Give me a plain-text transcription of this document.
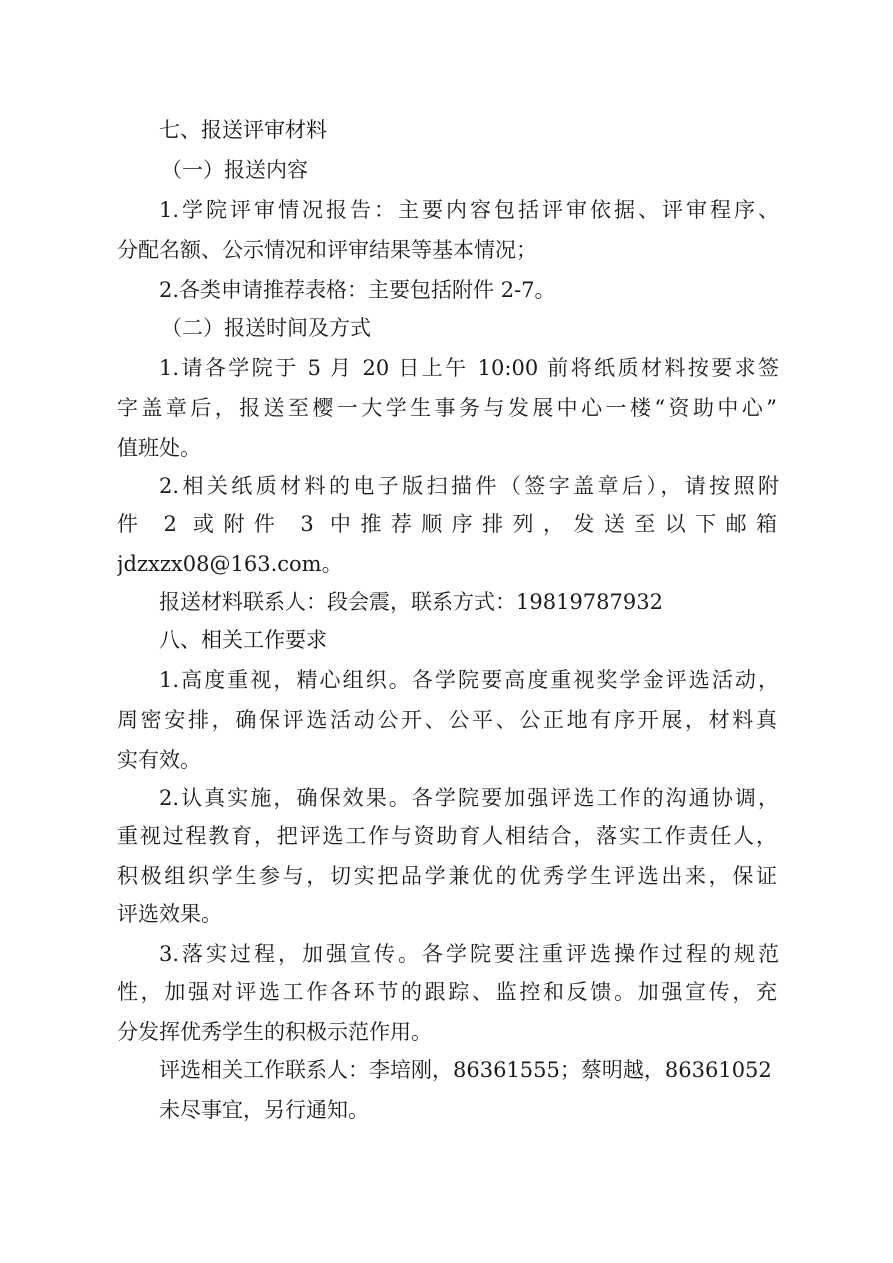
七、报送评审材料
（一）报送内容
1.学院评审情况报告：主要内容包括评审依据、评审程序、
分配名额、公示情况和评审结果等基本情况；
2.各类申请推荐表格：主要包括附件 2-7。
（二）报送时间及方式
1.请各学院于 5 月 20 日上午 10:00 前将纸质材料按要求签
字盖章后，报送至樱一大学生事务与发展中心一楼“资助中心”
值班处。
2.相关纸质材料的电子版扫描件（签字盖章后），请按照附
件 2 或附件 3 中推荐顺序排列，发送至以下邮箱
jdzxzx08@163.com。
报送材料联系人：段会震，联系方式：19819787932
八、相关工作要求
1.高度重视，精心组织。各学院要高度重视奖学金评选活动，
周密安排，确保评选活动公开、公平、公正地有序开展，材料真
实有效。
2.认真实施，确保效果。各学院要加强评选工作的沟通协调，
重视过程教育，把评选工作与资助育人相结合，落实工作责任人，
积极组织学生参与，切实把品学兼优的优秀学生评选出来，保证
评选效果。
3.落实过程，加强宣传。各学院要注重评选操作过程的规范
性，加强对评选工作各环节的跟踪、监控和反馈。加强宣传，充
分发挥优秀学生的积极示范作用。
评选相关工作联系人：李培刚，86361555；蔡明越，86361052
未尽事宜，另行通知。
